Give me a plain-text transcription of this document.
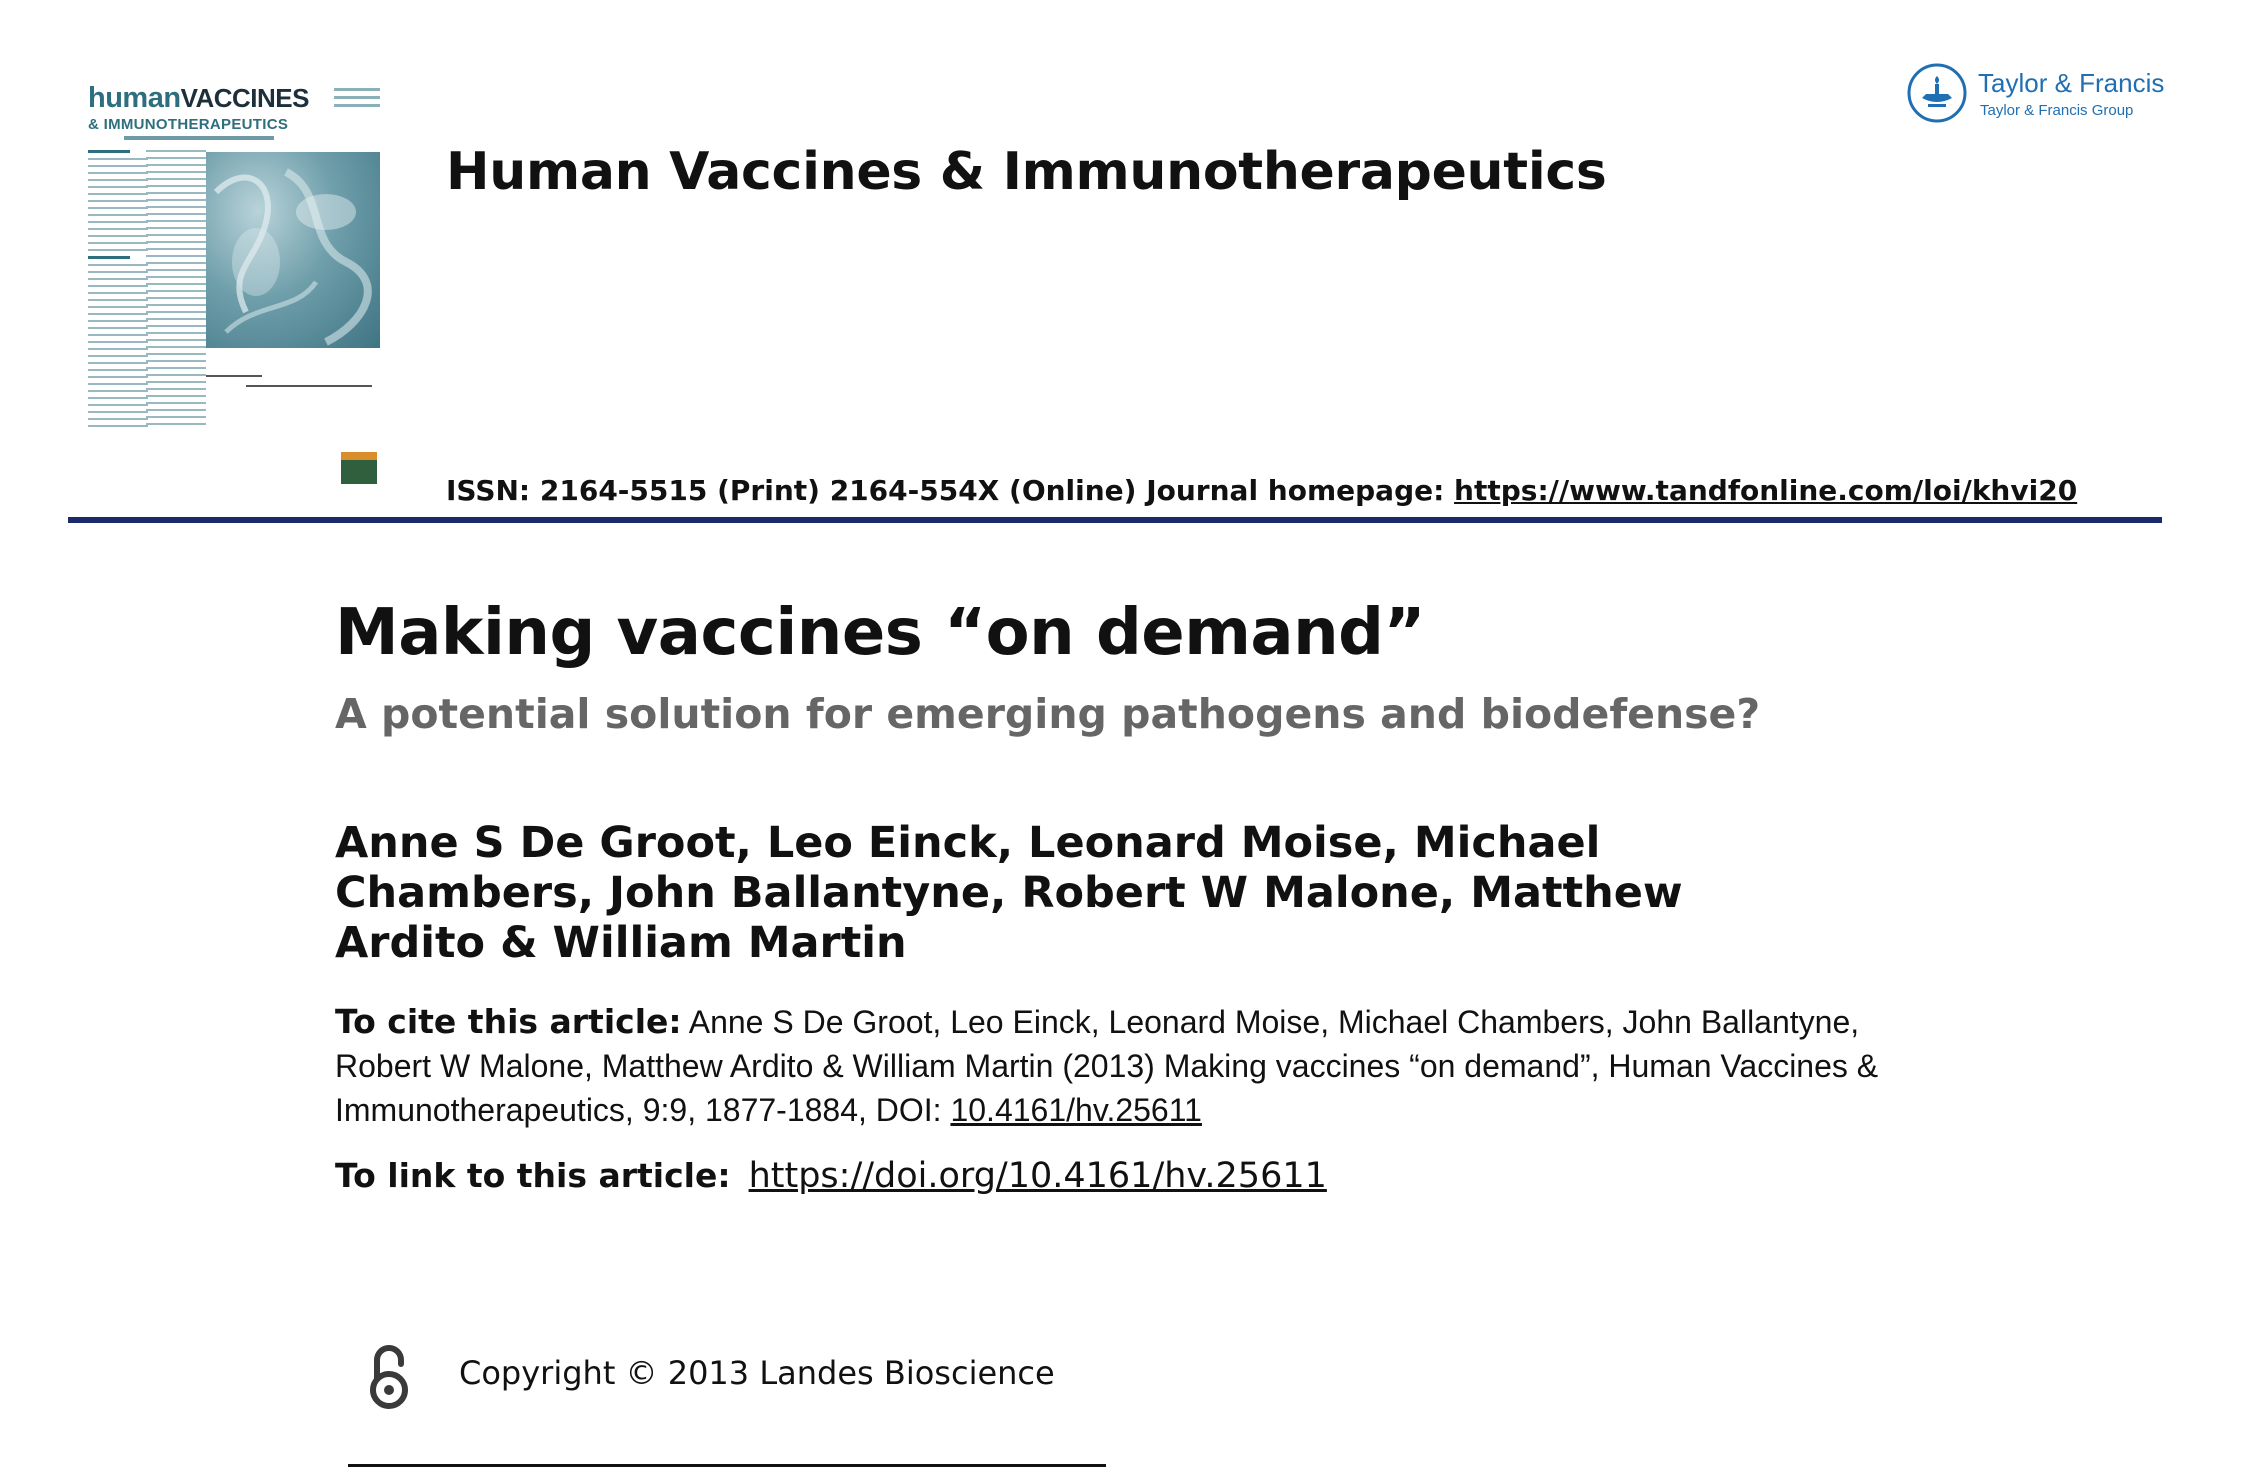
humanVACCINES
& IMMUNOTHERAPEUTICS
Human Vaccines & Immunotherapeutics
Taylor & Francis
Taylor & Francis Group
ISSN: 2164-5515 (Print) 2164-554X (Online) Journal homepage: https://www.tandfonline.com/loi/khvi20
Making vaccines “on demand”
A potential solution for emerging pathogens and biodefense?
Anne S De Groot, Leo Einck, Leonard Moise, Michael Chambers, John Ballantyne, Robert W Malone, Matthew Ardito & William Martin
To cite this article: Anne S De Groot, Leo Einck, Leonard Moise, Michael Chambers, John Ballantyne, Robert W Malone, Matthew Ardito & William Martin (2013) Making vaccines “on demand”, Human Vaccines & Immunotherapeutics, 9:9, 1877-1884, DOI: 10.4161/hv.25611
To link to this article: https://doi.org/10.4161/hv.25611
Copyright © 2013 Landes Bioscience
